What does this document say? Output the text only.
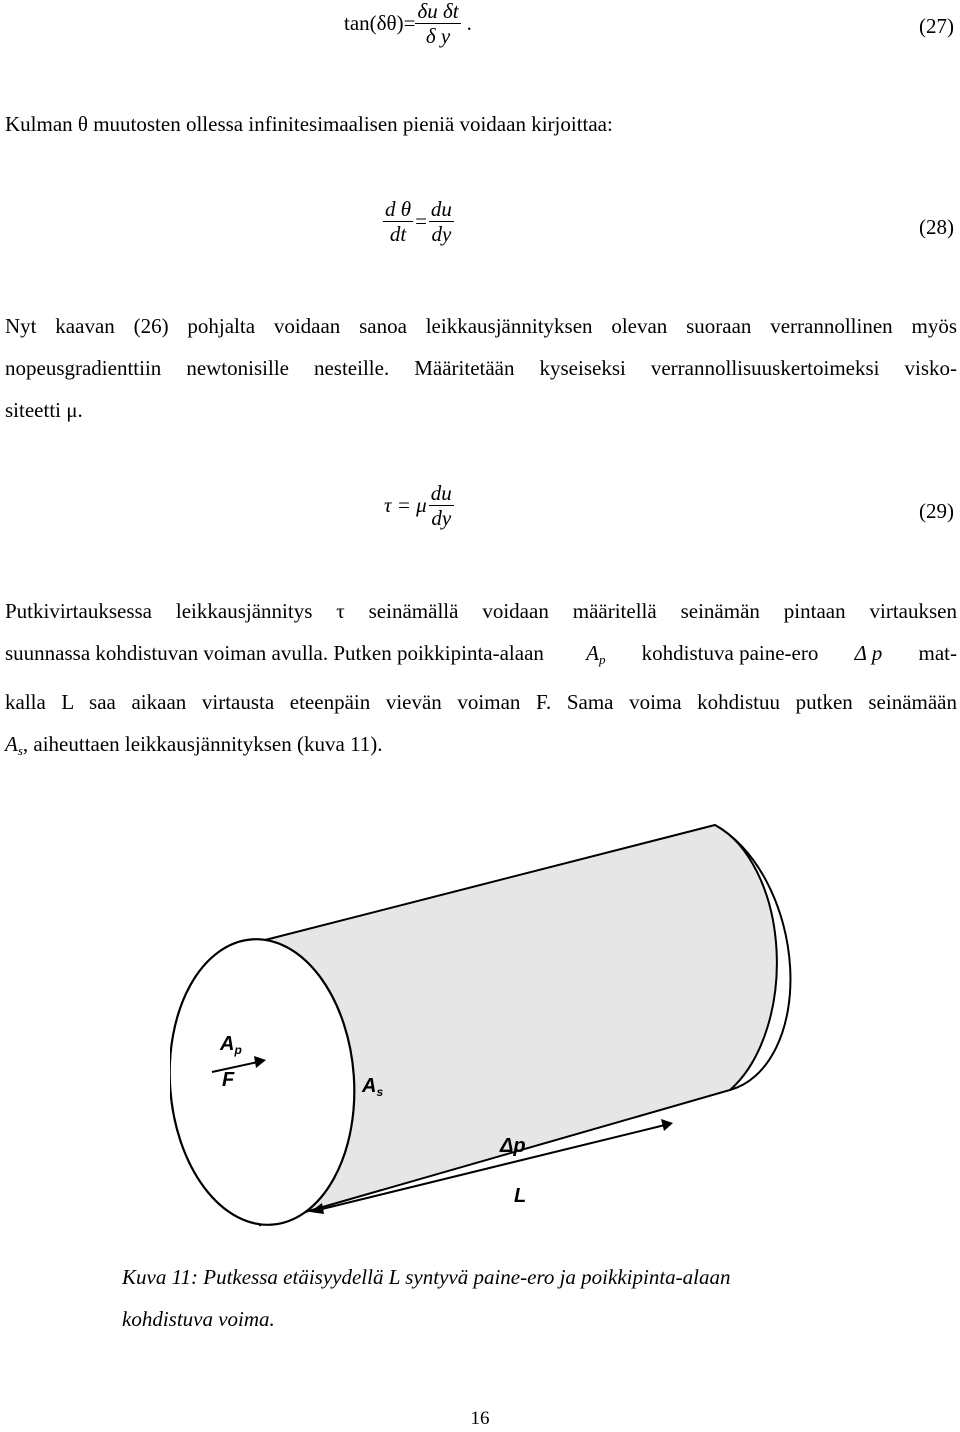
$\tan(\delta\theta)= \frac{\text{δu δt}}{\text{δ y}}$ .	(27)
Kulman θ muutosten ollessa infinitesimaalisen pieniä voidaan kirjoittaa:
$\frac{\text{d θ}}{dt} = \frac{du}{dy}$	(28)
Nyt kaavan (26) pohjalta voidaan sanoa leikkausjännityksen olevan suoraan verrannollinen myös
nopeusgradienttiin newtonisille nesteille. Määritetään kyseiseksi verrannollisuuskertoimeksi visko-
siteetti μ.
τ = μ $\frac{du}{dy}$	(29)
Putkivirtauksessa leikkausjännitys τ seinämällä voidaan määritellä seinämän pintaan virtauksen
suunnassa kohdistuvan voiman avulla. Putken poikkipinta-alaan $A_p$ kohdistuva paine-ero Δ p mat-
kalla L saa aikaan virtausta eteenpäin vievän voiman F. Sama voima kohdistuu putken seinämään
$A_s$, aiheuttaen leikkausjännityksen (kuva 11).
$A_p$
F	$A_s$
Δp
L
Kuva 11: Putkessa etäisyydellä L syntyvä paine-ero ja poikkipinta-alaan
kohdistuva voima.
16
